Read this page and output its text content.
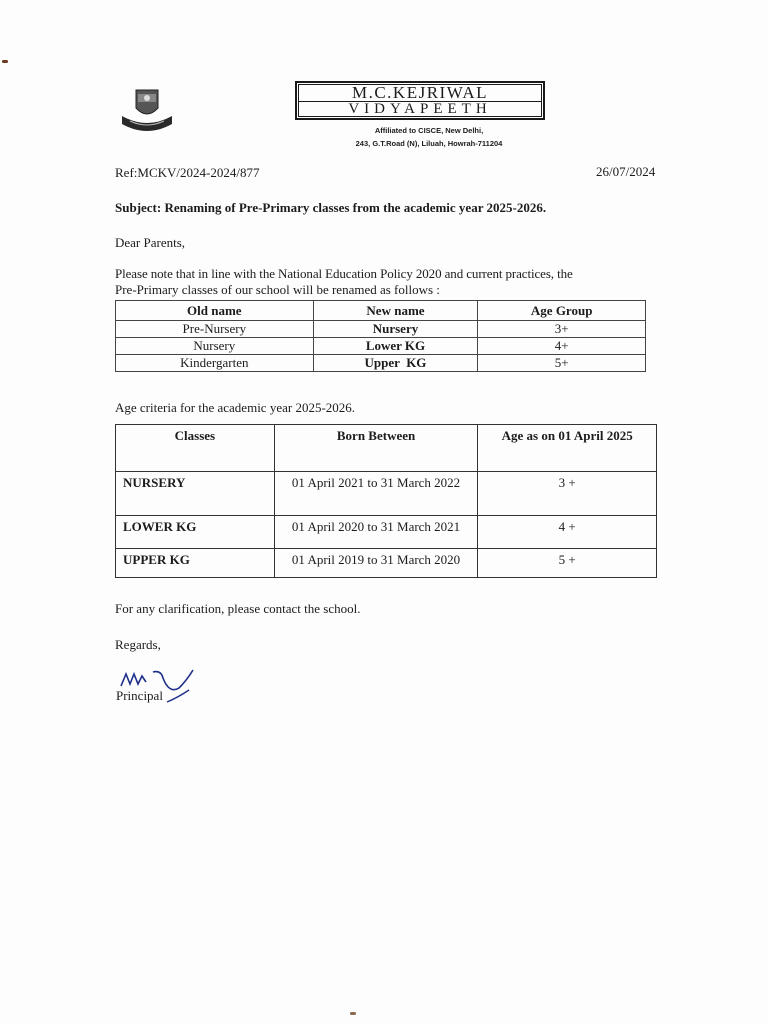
M.C.KEJRIWAL
VIDYAPEETH
Affiliated to CISCE, New Delhi,
243, G.T.Road (N), Liluah, Howrah-711204
Ref:MCKV/2024-2024/877	26/07/2024
Subject: Renaming of Pre-Primary classes from the academic year 2025-2026.
Dear Parents,
Please note that in line with the National Education Policy 2020 and current practices, the
Pre-Primary classes of our school will be renamed as follows :
Old name	New name	Age Group
Pre-Nursery	Nursery	3+
Nursery	Lower KG	4+
Kindergarten	Upper  KG	5+
Age criteria for the academic year 2025-2026.
Classes	Born Between	Age as on 01 April 2025
NURSERY	01 April 2021 to 31 March 2022	3 +
LOWER KG	01 April 2020 to 31 March 2021	4 +
UPPER KG	01 April 2019 to 31 March 2020	5 +
For any clarification, please contact the school.
Regards,
Principal
